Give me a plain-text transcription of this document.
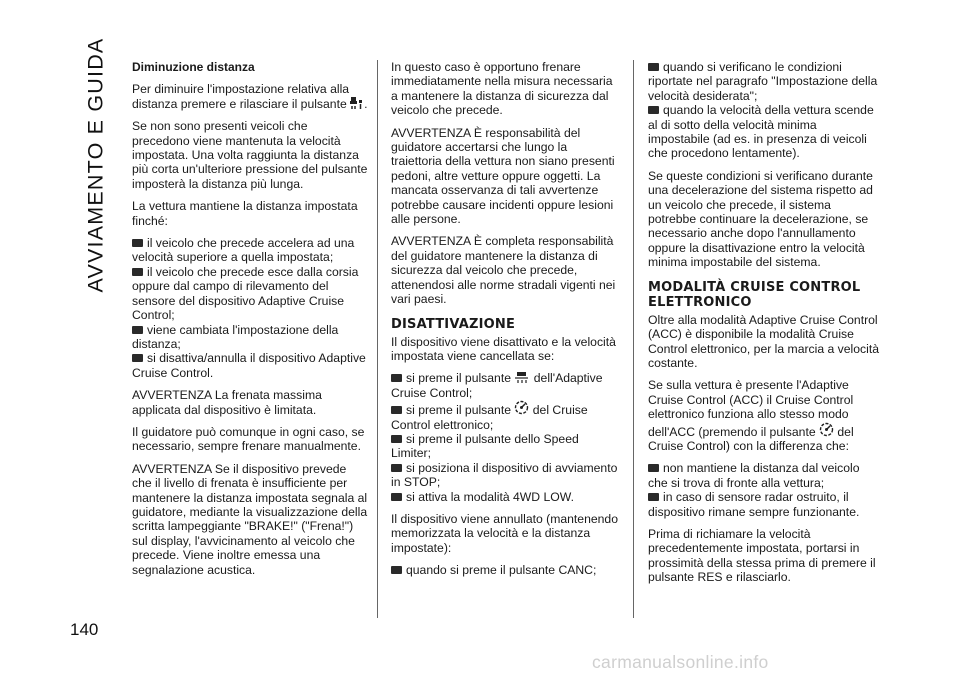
AVVIAMENTO E GUIDA Diminuzione distanza

Per diminuire l'impostazione relativa alla distanza premere e rilasciare il pulsante .

Se non sono presenti veicoli che precedono viene mantenuta la velocità impostata. Una volta raggiunta la distanza più corta un'ulteriore pressione del pulsante imposterà la distanza più lunga.

La vettura mantiene la distanza impostata finché:

il veicolo che precede accelera ad una velocità superiore a quella impostata;
il veicolo che precede esce dalla corsia oppure dal campo di rilevamento del sensore del dispositivo Adaptive Cruise Control;
viene cambiata l'impostazione della distanza;
si disattiva/annulla il dispositivo Adaptive Cruise Control.

AVVERTENZA La frenata massima applicata dal dispositivo è limitata.

Il guidatore può comunque in ogni caso, se necessario, sempre frenare manualmente.

AVVERTENZA Se il dispositivo prevede che il livello di frenata è insufficiente per mantenere la distanza impostata segnala al guidatore, mediante la visualizzazione della scritta lampeggiante "BRAKE!" ("Frena!") sul display, l'avvicinamento al veicolo che precede. Viene inoltre emessa una segnalazione acustica.

In questo caso è opportuno frenare immediatamente nella misura necessaria a mantenere la distanza di sicurezza dal veicolo che precede.

AVVERTENZA È responsabilità del guidatore accertarsi che lungo la traiettoria della vettura non siano presenti pedoni, altre vetture oppure oggetti. La mancata osservanza di tali avvertenze potrebbe causare incidenti oppure lesioni alle persone.

AVVERTENZA È completa responsabilità del guidatore mantenere la distanza di sicurezza dal veicolo che precede, attenendosi alle norme stradali vigenti nei vari paesi.

DISATTIVAZIONE

Il dispositivo viene disattivato e la velocità impostata viene cancellata se:

si preme il pulsante dell'Adaptive Cruise Control;
si preme il pulsante del Cruise Control elettronico;
si preme il pulsante dello Speed Limiter;
si posiziona il dispositivo di avviamento in STOP;
si attiva la modalità 4WD LOW.

Il dispositivo viene annullato (mantenendo memorizzata la velocità e la distanza impostate):

quando si preme il pulsante CANC;
quando si verificano le condizioni riportate nel paragrafo "Impostazione della velocità desiderata";
quando la velocità della vettura scende al di sotto della velocità minima impostabile (ad es. in presenza di veicoli che procedono lentamente).

Se queste condizioni si verificano durante una decelerazione del sistema rispetto ad un veicolo che precede, il sistema potrebbe continuare la decelerazione, se necessario anche dopo l'annullamento oppure la disattivazione entro la velocità minima impostabile del sistema.

MODALITÀ CRUISE CONTROL ELETTRONICO

Oltre alla modalità Adaptive Cruise Control (ACC) è disponibile la modalità Cruise Control elettronico, per la marcia a velocità costante.

Se sulla vettura è presente l'Adaptive Cruise Control (ACC) il Cruise Control elettronico funziona allo stesso modo dell'ACC (premendo il pulsante del Cruise Control) con la differenza che:

non mantiene la distanza dal veicolo che si trova di fronte alla vettura;
in caso di sensore radar ostruito, il dispositivo rimane sempre funzionante.

Prima di richiamare la velocità precedentemente impostata, portarsi in prossimità della stessa prima di premere il pulsante RES e rilasciarlo.

140
carmanualsonline.info
